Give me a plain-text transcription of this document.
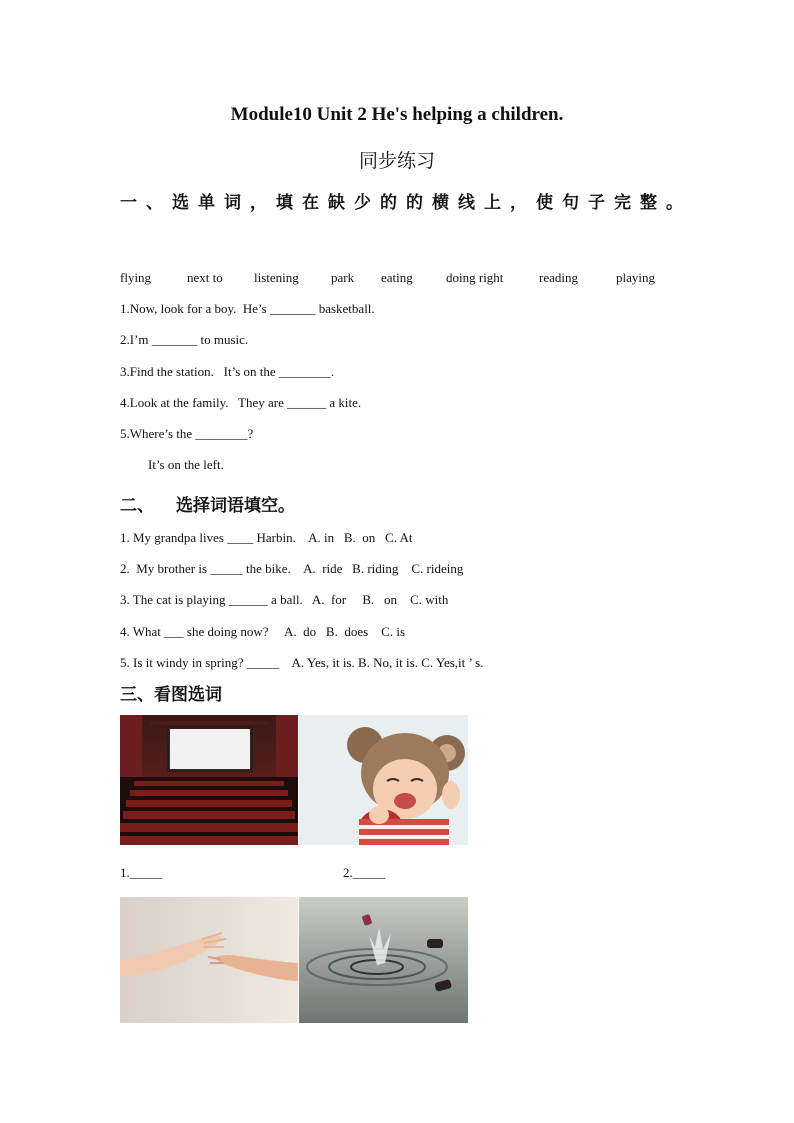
Module10 Unit 2 He's helping a children.
同步练习
一、选单词，填在缺少的的横线上，使句子完整。
flying	next to listening park eating	doing right	reading	playing
1.Now, look for a boy.  He’s _______ basketball.
2.I’m _______ to music.
3.Find the station.   It’s on the ________.
4.Look at the family.   They are ______ a kite.
5.Where’s the ________?
It’s on the left.
二、 选择词语填空。
1. My grandpa lives ____ Harbin.    A. in   B.  on   C. At
2.  My brother is _____ the bike.    A.  ride   B. riding    C. rideing
3. The cat is playing ______ a ball.   A.  for     B.   on    C. with
4. What ___ she doing now?     A.  do   B.  does    C. is
5. Is it windy in spring? _____    A. Yes, it is. B. No, it is. C. Yes,it ’ s.
三、看图选词
1._____	2._____
